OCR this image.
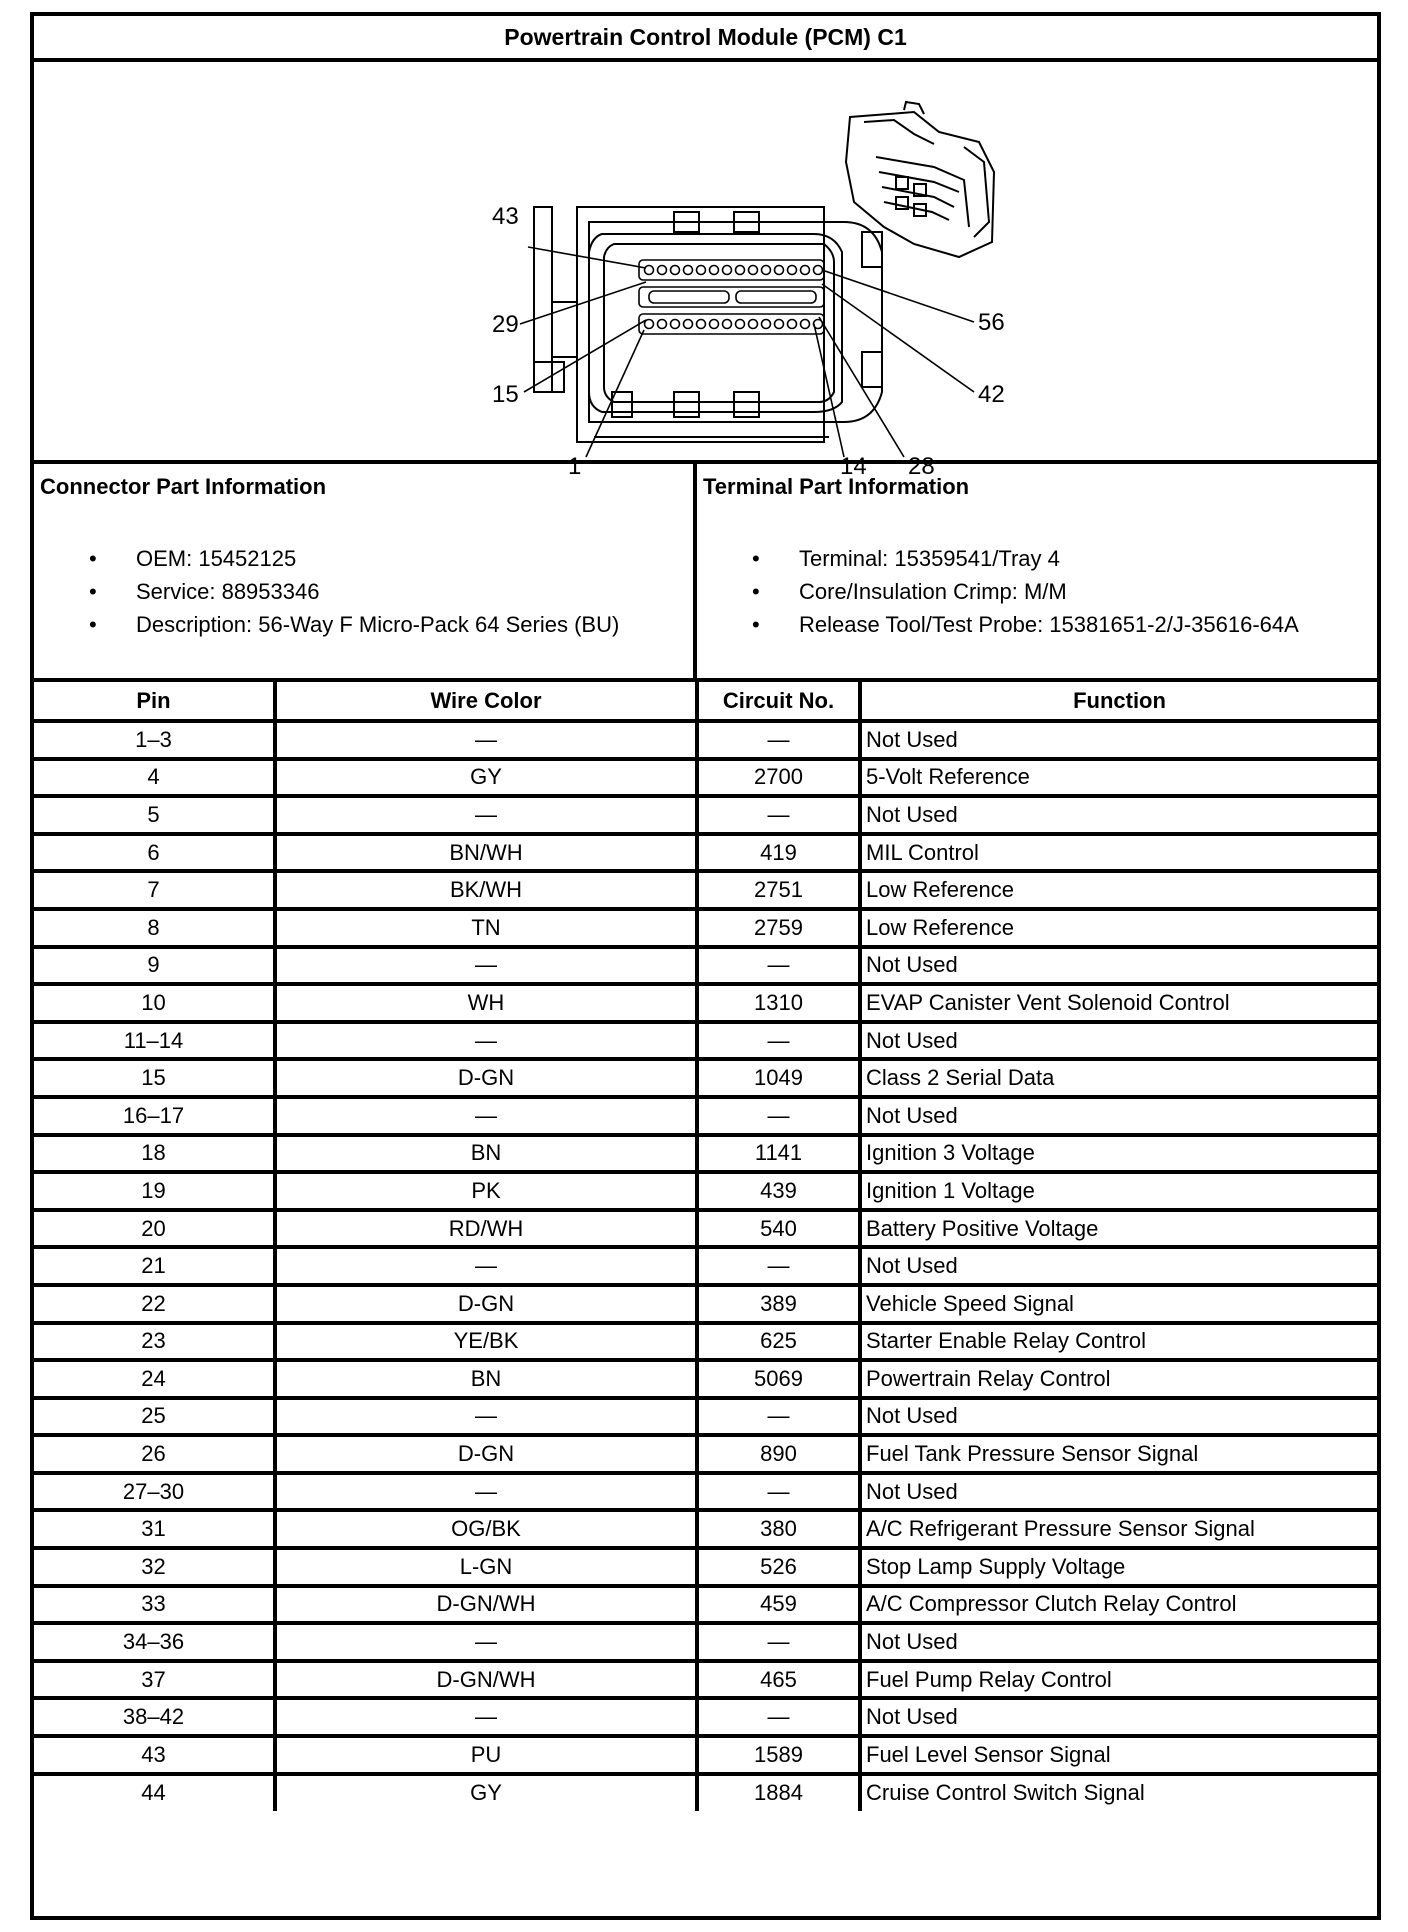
Powertrain Control Module (PCM) C1
43
29
15
1
56
42
14 28
Connector Part Information
• OEM: 15452125
• Service: 88953346
• Description: 56-Way F Micro-Pack 64 Series (BU)
Terminal Part Information
• Terminal: 15359541/Tray 4
• Core/Insulation Crimp: M/M
• Release Tool/Test Probe: 15381651-2/J-35616-64A
Pin	Wire Color	Circuit No.	Function
1–3	—	—	Not Used
4	GY	2700	5-Volt Reference
5	—	—	Not Used
6	BN/WH	419	MIL Control
7	BK/WH	2751	Low Reference
8	TN	2759	Low Reference
9	—	—	Not Used
10	WH	1310	EVAP Canister Vent Solenoid Control
11–14	—	—	Not Used
15	D-GN	1049	Class 2 Serial Data
16–17	—	—	Not Used
18	BN	1141	Ignition 3 Voltage
19	PK	439	Ignition 1 Voltage
20	RD/WH	540	Battery Positive Voltage
21	—	—	Not Used
22	D-GN	389	Vehicle Speed Signal
23	YE/BK	625	Starter Enable Relay Control
24	BN	5069	Powertrain Relay Control
25	—	—	Not Used
26	D-GN	890	Fuel Tank Pressure Sensor Signal
27–30	—	—	Not Used
31	OG/BK	380	A/C Refrigerant Pressure Sensor Signal
32	L-GN	526	Stop Lamp Supply Voltage
33	D-GN/WH	459	A/C Compressor Clutch Relay Control
34–36	—	—	Not Used
37	D-GN/WH	465	Fuel Pump Relay Control
38–42	—	—	Not Used
43	PU	1589	Fuel Level Sensor Signal
44	GY	1884	Cruise Control Switch Signal
